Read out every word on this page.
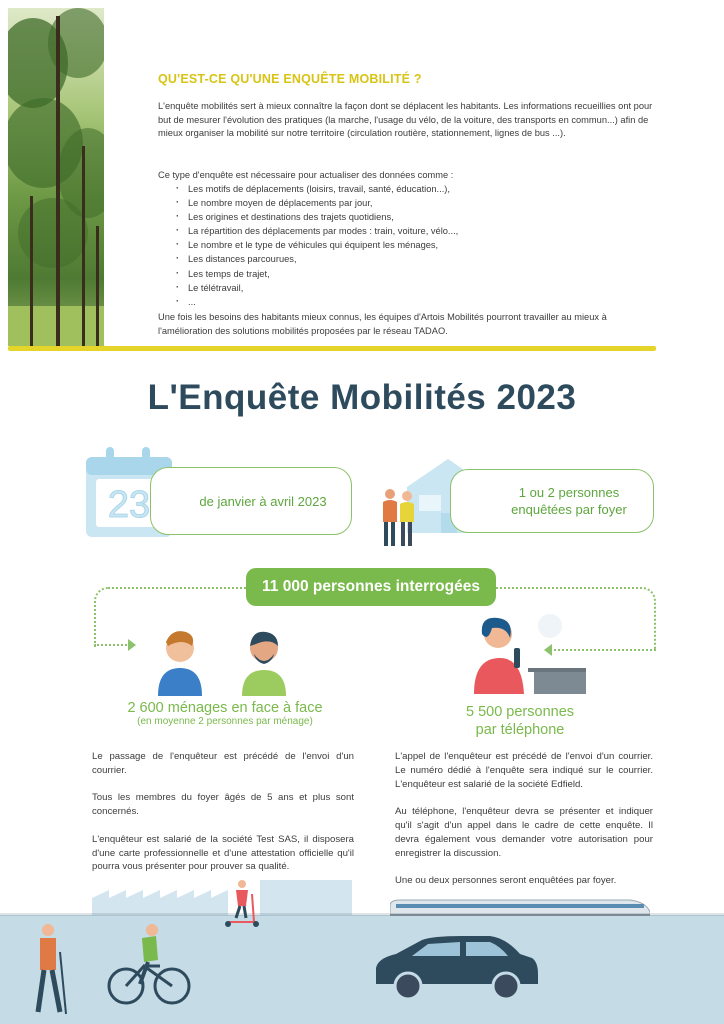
QU'EST-CE QU'UNE ENQUÊTE MOBILITÉ ?
L'enquête mobilités sert à mieux connaître la façon dont se déplacent les habitants. Les informations recueillies ont pour but de mesurer l'évolution des pratiques (la marche, l'usage du vélo, de la voiture, des transports en commun...) afin de mieux organiser la mobilité sur notre territoire (circulation routière, stationnement, lignes de bus ...).
Ce type d'enquête est nécessaire pour actualiser des données comme :
· Les motifs de déplacements (loisirs, travail, santé, éducation...),
· Le nombre moyen de déplacements par jour,
· Les origines et destinations des trajets quotidiens,
· La répartition des déplacements par modes : train, voiture, vélo...,
· Le nombre et le type de véhicules qui équipent les ménages,
· Les distances parcourues,
· Les temps de trajet,
· Le télétravail,
· ...
Une fois les besoins des habitants mieux connus, les équipes d'Artois Mobilités pourront travailler au mieux à l'amélioration des solutions mobilités proposées par le réseau TADAO.
L'Enquête Mobilités 2023
23	de janvier à avril 2023
1 ou 2 personnes
enquêtées par foyer
11 000 personnes interrogées
2 600 ménages en face à face
(en moyenne 2 personnes par ménage)
5 500 personnes
par téléphone

Le passage de l'enquêteur est précédé de l'envoi d'un courrier.

Tous les membres du foyer âgés de 5 ans et plus sont concernés.

L'enquêteur est salarié de la société Test SAS, il disposera d'une carte professionnelle et d'une attestation officielle qu'il pourra vous présenter pour prouver sa qualité.

L'appel de l'enquêteur est précédé de l'envoi d'un courrier. Le numéro dédié à l'enquête sera indiqué sur le courrier. L'enquêteur est salarié de la société Edfield.

Au téléphone, l'enquêteur devra se présenter et indiquer qu'il s'agit d'un appel dans le cadre de cette enquête. Il devra également vous demander votre autorisation pour enregistrer la discussion.

Une ou deux personnes seront enquêtées par foyer.
